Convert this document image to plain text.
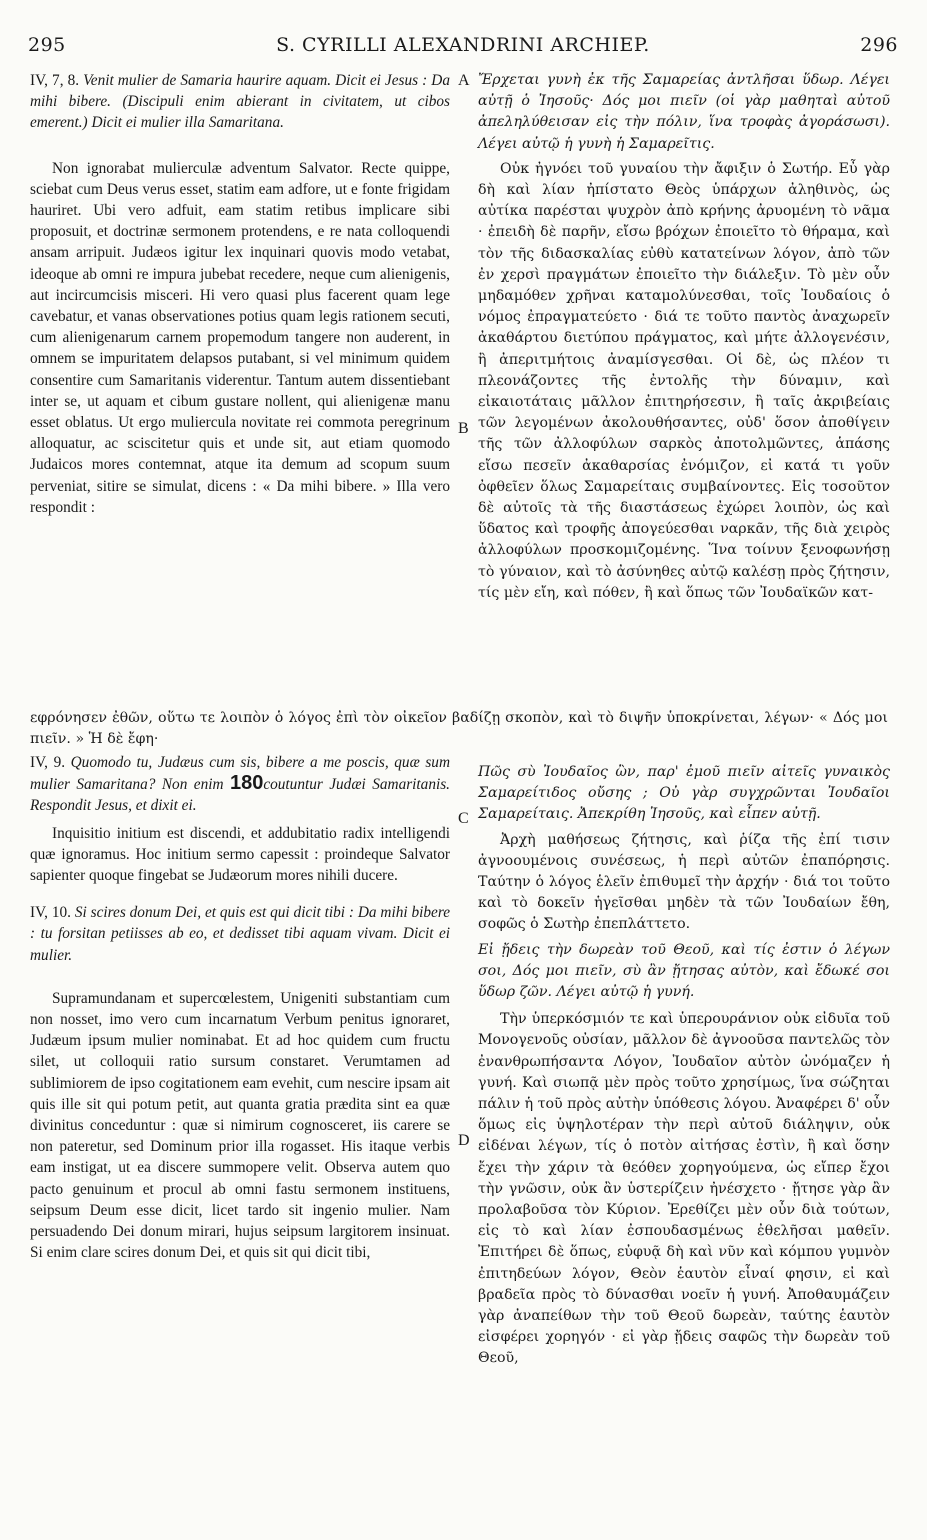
295	S. CYRILLI ALEXANDRINI ARCHIEP.	296
A
B
C
D

IV, 7, 8. Venit mulier de Samaria haurire aquam. Dicit ei Jesus : Da mihi bibere. (Discipuli enim abierant in civitatem, ut cibos emerent.) Dicit ei mulier illa Samaritana.

Non ignorabat mulierculæ adventum Salvator. Recte quippe, sciebat cum Deus verus esset, statim eam adfore, ut e fonte frigidam hauriret. Ubi vero adfuit, eam statim retibus implicare sibi proposuit, et doctrinæ sermonem protendens, e re nata colloquendi ansam arripuit. Judæos igitur lex inquinari quovis modo vetabat, ideoque ab omni re impura jubebat recedere, neque cum alienigenis, aut incircumcisis misceri. Hi vero quasi plus facerent quam lege cavebatur, et vanas observationes potius quam legis rationem secuti, cum alienigenarum carnem propemodum tangere non auderent, in omnem se impuritatem delapsos putabant, si vel minimum quidem consentire cum Samaritanis viderentur. Tantum autem dissentiebant inter se, ut aquam et cibum gustare nollent, qui alienigenæ manu esset oblatus. Ut ergo muliercula novitate rei commota peregrinum alloquatur, ac sciscitetur quis et unde sit, aut etiam quomodo Judaicos mores contemnat, atque ita demum ad scopum suum perveniat, sitire se simulat, dicens : « Da mihi bibere. » Illa vero respondit :

Ἔρχεται γυνὴ ἐκ τῆς Σαμαρείας ἀντλῆσαι ὕδωρ. Λέγει αὐτῇ ὁ Ἰησοῦς· Δός μοι πιεῖν (οἱ γὰρ μαθηταὶ αὐτοῦ ἀπεληλύθεισαν εἰς τὴν πόλιν, ἵνα τροφὰς ἀγοράσωσι). Λέγει αὐτῷ ἡ γυνὴ ἡ Σαμαρεῖτις.

Οὐκ ἠγνόει τοῦ γυναίου τὴν ἄφιξιν ὁ Σωτήρ. Εὖ γὰρ δὴ καὶ λίαν ἠπίστατο Θεὸς ὑπάρχων ἀληθινὸς, ὡς αὐτίκα παρέσται ψυχρὸν ἀπὸ κρήνης ἀρυομένη τὸ νᾶμα · ἐπειδὴ δὲ παρῆν, εἴσω βρόχων ἐποιεῖτο τὸ θήραμα, καὶ τὸν τῆς διδασκαλίας εὐθὺ κατατείνων λόγον, ἀπὸ τῶν ἐν χερσὶ πραγμάτων ἐποιεῖτο τὴν διάλεξιν. Τὸ μὲν οὖν μηδαμόθεν χρῆναι καταμολύνεσθαι, τοῖς Ἰουδαίοις ὁ νόμος ἐπραγματεύετο · διά τε τοῦτο παντὸς ἀναχωρεῖν ἀκαθάρτου διετύπου πράγματος, καὶ μήτε ἀλλογενέσιν, ἢ ἀπεριτμήτοις ἀναμίσγεσθαι. Οἱ δὲ, ὡς πλέον τι πλεονάζοντες τῆς ἐντολῆς τὴν δύναμιν, καὶ εἰκαιοτάταις μᾶλλον ἐπιτηρήσεσιν, ἢ ταῖς ἀκριβείαις τῶν λεγομένων ἀκολουθήσαντες, οὐδ' ὅσον ἀποθίγειν τῆς τῶν ἀλλοφύλων σαρκὸς ἀποτολμῶντες, ἁπάσης εἴσω πεσεῖν ἀκαθαρσίας ἐνόμιζον, εἰ κατά τι γοῦν ὀφθεῖεν ὅλως Σαμαρείταις συμβαίνοντες. Εἰς τοσοῦτον δὲ αὐτοῖς τὰ τῆς διαστάσεως ἐχώρει λοιπὸν, ὡς καὶ ὕδατος καὶ τροφῆς ἀπογεύεσθαι ναρκᾶν, τῆς διὰ χειρὸς ἀλλοφύλων προσκομιζομένης. Ἵνα τοίνυν ξενοφωνήσῃ τὸ γύναιον, καὶ τὸ ἀσύνηθες αὐτῷ καλέσῃ πρὸς ζήτησιν, τίς μὲν εἴη, καὶ πόθεν, ἢ καὶ ὅπως τῶν Ἰουδαϊκῶν κατ-

εφρόνησεν ἐθῶν, οὕτω τε λοιπὸν ὁ λόγος ἐπὶ τὸν οἰκεῖον βαδίζῃ σκοπὸν, καὶ τὸ διψῆν ὑποκρίνεται, λέγων· « Δός μοι πιεῖν. » Ἡ δὲ ἔφη·

IV, 9. Quomodo tu, Judæus cum sis, bibere a me poscis, quæ sum mulier Samaritana? Non enim 180coutuntur Judæi Samaritanis. Respondit Jesus, et dixit ei.

Inquisitio initium est discendi, et addubitatio radix intelligendi quæ ignoramus. Hoc initium sermo capessit : proindeque Salvator sapienter quoque fingebat se Judæorum mores nihili ducere.

IV, 10. Si scires donum Dei, et quis est qui dicit tibi : Da mihi bibere : tu forsitan petiisses ab eo, et dedisset tibi aquam vivam. Dicit ei mulier.

Supramundanam et supercœlestem, Unigeniti substantiam cum non nosset, imo vero cum incarnatum Verbum penitus ignoraret, Judæum ipsum mulier nominabat. Et ad hoc quidem cum fructu silet, ut colloquii ratio sursum constaret. Verumtamen ad sublimiorem de ipso cogitationem eam evehit, cum nescire ipsam ait quis ille sit qui potum petit, aut quanta gratia prædita sint ea quæ divinitus conceduntur : quæ si nimirum cognosceret, iis carere se non pateretur, sed Dominum prior illa rogasset. His itaque verbis eam instigat, ut ea discere summopere velit. Observa autem quo pacto genuinum et procul ab omni fastu sermonem instituens, seipsum Deum esse dicit, licet tardo sit ingenio mulier. Nam persuadendo Dei donum mirari, hujus seipsum largitorem insinuat. Si enim clare scires donum Dei, et quis sit qui dicit tibi,

Πῶς σὺ Ἰουδαῖος ὢν, παρ' ἐμοῦ πιεῖν αἰτεῖς γυναικὸς Σαμαρείτιδος οὔσης ; Οὐ γὰρ συγχρῶνται Ἰουδαῖοι Σαμαρείταις. Ἀπεκρίθη Ἰησοῦς, καὶ εἶπεν αὐτῇ.

Ἀρχὴ μαθήσεως ζήτησις, καὶ ῥίζα τῆς ἐπί τισιν ἀγνοουμένοις συνέσεως, ἡ περὶ αὐτῶν ἐπαπόρησις. Ταύτην ὁ λόγος ἑλεῖν ἐπιθυμεῖ τὴν ἀρχήν · διά τοι τοῦτο καὶ τὸ δοκεῖν ἡγεῖσθαι μηδὲν τὰ τῶν Ἰουδαίων ἔθη, σοφῶς ὁ Σωτὴρ ἐπεπλάττετο.

Εἰ ᾔδεις τὴν δωρεὰν τοῦ Θεοῦ, καὶ τίς ἐστιν ὁ λέγων σοι, Δός μοι πιεῖν, σὺ ἂν ᾔτησας αὐτὸν, καὶ ἔδωκέ σοι ὕδωρ ζῶν. Λέγει αὐτῷ ἡ γυνή.

Τὴν ὑπερκόσμιόν τε καὶ ὑπερουράνιον οὐκ εἰδυῖα τοῦ Μονογενοῦς οὐσίαν, μᾶλλον δὲ ἀγνοοῦσα παντελῶς τὸν ἐνανθρωπήσαντα Λόγον, Ἰουδαῖον αὐτὸν ὠνόμαζεν ἡ γυνή. Καὶ σιωπᾷ μὲν πρὸς τοῦτο χρησίμως, ἵνα σώζηται πάλιν ἡ τοῦ πρὸς αὐτὴν ὑπόθεσις λόγου. Ἀναφέρει δ' οὖν ὅμως εἰς ὑψηλοτέραν τὴν περὶ αὐτοῦ διάληψιν, οὐκ εἰδέναι λέγων, τίς ὁ ποτὸν αἰτήσας ἐστὶν, ἢ καὶ ὅσην ἔχει τὴν χάριν τὰ θεόθεν χορηγούμενα, ὡς εἴπερ ἔχοι τὴν γνῶσιν, οὐκ ἂν ὑστερίζειν ἠνέσχετο · ᾔτησε γὰρ ἂν προλαβοῦσα τὸν Κύριον. Ἐρεθίζει μὲν οὖν διὰ τούτων, εἰς τὸ καὶ λίαν ἐσπουδασμένως ἐθελῆσαι μαθεῖν. Ἐπιτήρει δὲ ὅπως, εὐφυᾷ δὴ καὶ νῦν καὶ κόμπου γυμνὸν ἐπιτηδεύων λόγον, Θεὸν ἑαυτὸν εἶναί φησιν, εἰ καὶ βραδεῖα πρὸς τὸ δύνασθαι νοεῖν ἡ γυνή. Ἀποθαυμάζειν γὰρ ἀναπείθων τὴν τοῦ Θεοῦ δωρεὰν, ταύτης ἑαυτὸν εἰσφέρει χορηγόν · εἰ γὰρ ᾔδεις σαφῶς τὴν δωρεὰν τοῦ Θεοῦ,
